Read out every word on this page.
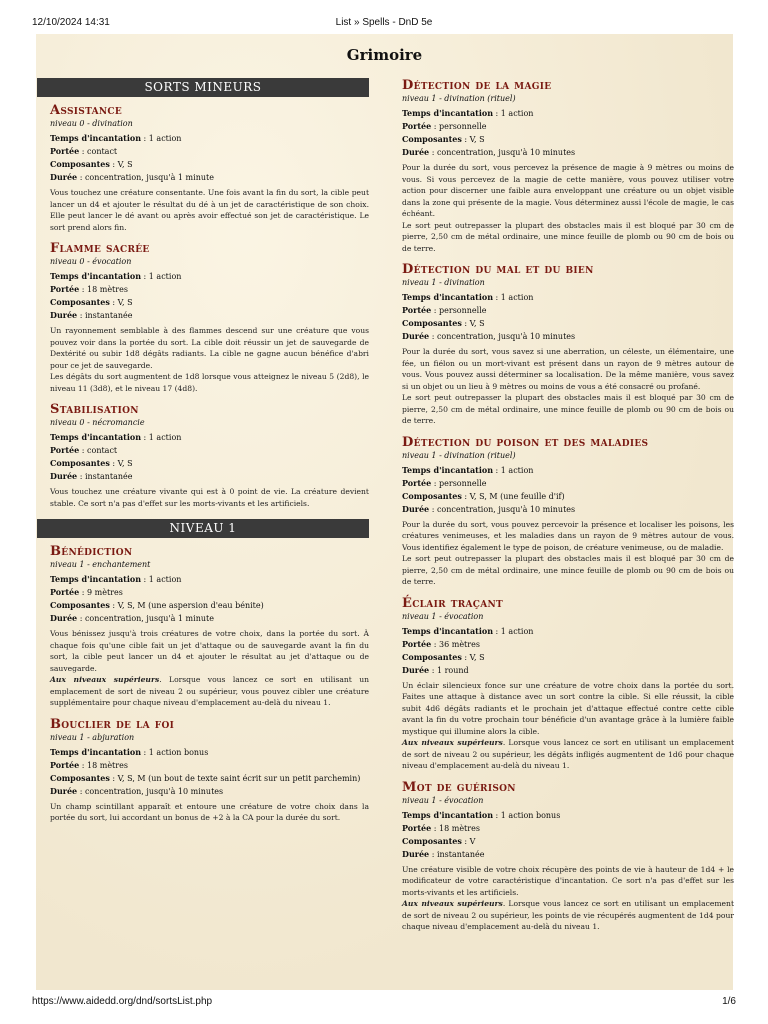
12/10/2024 14:31	List » Spells - DnD 5e
Grimoire
SORTS MINEURS

Assistance

niveau 0 - divination

Temps d'incantation : 1 action

Portée : contact

Composantes : V, S

Durée : concentration, jusqu'à 1 minute

Vous touchez une créature consentante. Une fois avant la fin du sort, la cible peut lancer un d4 et ajouter le résultat du dé à un jet de caractéristique de son choix. Elle peut lancer le dé avant ou après avoir effectué son jet de caractéristique. Le sort prend alors fin.

Flamme sacrée

niveau 0 - évocation

Temps d'incantation : 1 action

Portée : 18 mètres

Composantes : V, S

Durée : instantanée

Un rayonnement semblable à des flammes descend sur une créature que vous pouvez voir dans la portée du sort. La cible doit réussir un jet de sauvegarde de Dextérité ou subir 1d8 dégâts radiants. La cible ne gagne aucun bénéfice d'abri pour ce jet de sauvegarde.

Les dégâts du sort augmentent de 1d8 lorsque vous atteignez le niveau 5 (2d8), le niveau 11 (3d8), et le niveau 17 (4d8).

Stabilisation

niveau 0 - nécromancie

Temps d'incantation : 1 action

Portée : contact

Composantes : V, S

Durée : instantanée

Vous touchez une créature vivante qui est à 0 point de vie. La créature devient stable. Ce sort n'a pas d'effet sur les morts-vivants et les artificiels.

NIVEAU 1

Bénédiction

niveau 1 - enchantement

Temps d'incantation : 1 action

Portée : 9 mètres

Composantes : V, S, M (une aspersion d'eau bénite)

Durée : concentration, jusqu'à 1 minute

Vous bénissez jusqu'à trois créatures de votre choix, dans la portée du sort. À chaque fois qu'une cible fait un jet d'attaque ou de sauvegarde avant la fin du sort, la cible peut lancer un d4 et ajouter le résultat au jet d'attaque ou de sauvegarde.

Aux niveaux supérieurs. Lorsque vous lancez ce sort en utilisant un emplacement de sort de niveau 2 ou supérieur, vous pouvez cibler une créature supplémentaire pour chaque niveau d'emplacement au-delà du niveau 1.

Bouclier de la foi

niveau 1 - abjuration

Temps d'incantation : 1 action bonus

Portée : 18 mètres

Composantes : V, S, M (un bout de texte saint écrit sur un petit parchemin)

Durée : concentration, jusqu'à 10 minutes

Un champ scintillant apparaît et entoure une créature de votre choix dans la portée du sort, lui accordant un bonus de +2 à la CA pour la durée du sort.

Détection de la magie

niveau 1 - divination (rituel)

Temps d'incantation : 1 action

Portée : personnelle

Composantes : V, S

Durée : concentration, jusqu'à 10 minutes

Pour la durée du sort, vous percevez la présence de magie à 9 mètres ou moins de vous. Si vous percevez de la magie de cette manière, vous pouvez utiliser votre action pour discerner une faible aura enveloppant une créature ou un objet visible dans la zone qui présente de la magie. Vous déterminez aussi l'école de magie, le cas échéant.

Le sort peut outrepasser la plupart des obstacles mais il est bloqué par 30 cm de pierre, 2,50 cm de métal ordinaire, une mince feuille de plomb ou 90 cm de bois ou de terre.

Détection du mal et du bien

niveau 1 - divination

Temps d'incantation : 1 action

Portée : personnelle

Composantes : V, S

Durée : concentration, jusqu'à 10 minutes

Pour la durée du sort, vous savez si une aberration, un céleste, un élémentaire, une fée, un fiélon ou un mort-vivant est présent dans un rayon de 9 mètres autour de vous. Vous pouvez aussi déterminer sa localisation. De la même manière, vous savez si un objet ou un lieu à 9 mètres ou moins de vous a été consacré ou profané.

Le sort peut outrepasser la plupart des obstacles mais il est bloqué par 30 cm de pierre, 2,50 cm de métal ordinaire, une mince feuille de plomb ou 90 cm de bois ou de terre.

Détection du poison et des maladies

niveau 1 - divination (rituel)

Temps d'incantation : 1 action

Portée : personnelle

Composantes : V, S, M (une feuille d'if)

Durée : concentration, jusqu'à 10 minutes

Pour la durée du sort, vous pouvez percevoir la présence et localiser les poisons, les créatures venimeuses, et les maladies dans un rayon de 9 mètres autour de vous. Vous identifiez également le type de poison, de créature venimeuse, ou de maladie.

Le sort peut outrepasser la plupart des obstacles mais il est bloqué par 30 cm de pierre, 2,50 cm de métal ordinaire, une mince feuille de plomb ou 90 cm de bois ou de terre.

Éclair traçant

niveau 1 - évocation

Temps d'incantation : 1 action

Portée : 36 mètres

Composantes : V, S

Durée : 1 round

Un éclair silencieux fonce sur une créature de votre choix dans la portée du sort. Faites une attaque à distance avec un sort contre la cible. Si elle réussit, la cible subit 4d6 dégâts radiants et le prochain jet d'attaque effectué contre cette cible avant la fin du votre prochain tour bénéficie d'un avantage grâce à la lumière faible mystique qui illumine alors la cible.

Aux niveaux supérieurs. Lorsque vous lancez ce sort en utilisant un emplacement de sort de niveau 2 ou supérieur, les dégâts infligés augmentent de 1d6 pour chaque niveau d'emplacement au-delà du niveau 1.

Mot de guérison

niveau 1 - évocation

Temps d'incantation : 1 action bonus

Portée : 18 mètres

Composantes : V

Durée : instantanée

Une créature visible de votre choix récupère des points de vie à hauteur de 1d4 + le modificateur de votre caractéristique d'incantation. Ce sort n'a pas d'effet sur les morts-vivants et les artificiels.

Aux niveaux supérieurs. Lorsque vous lancez ce sort en utilisant un emplacement de sort de niveau 2 ou supérieur, les points de vie récupérés augmentent de 1d4 pour chaque niveau d'emplacement au-delà du niveau 1.

https://www.aidedd.org/dnd/sortsList.php	1/6
